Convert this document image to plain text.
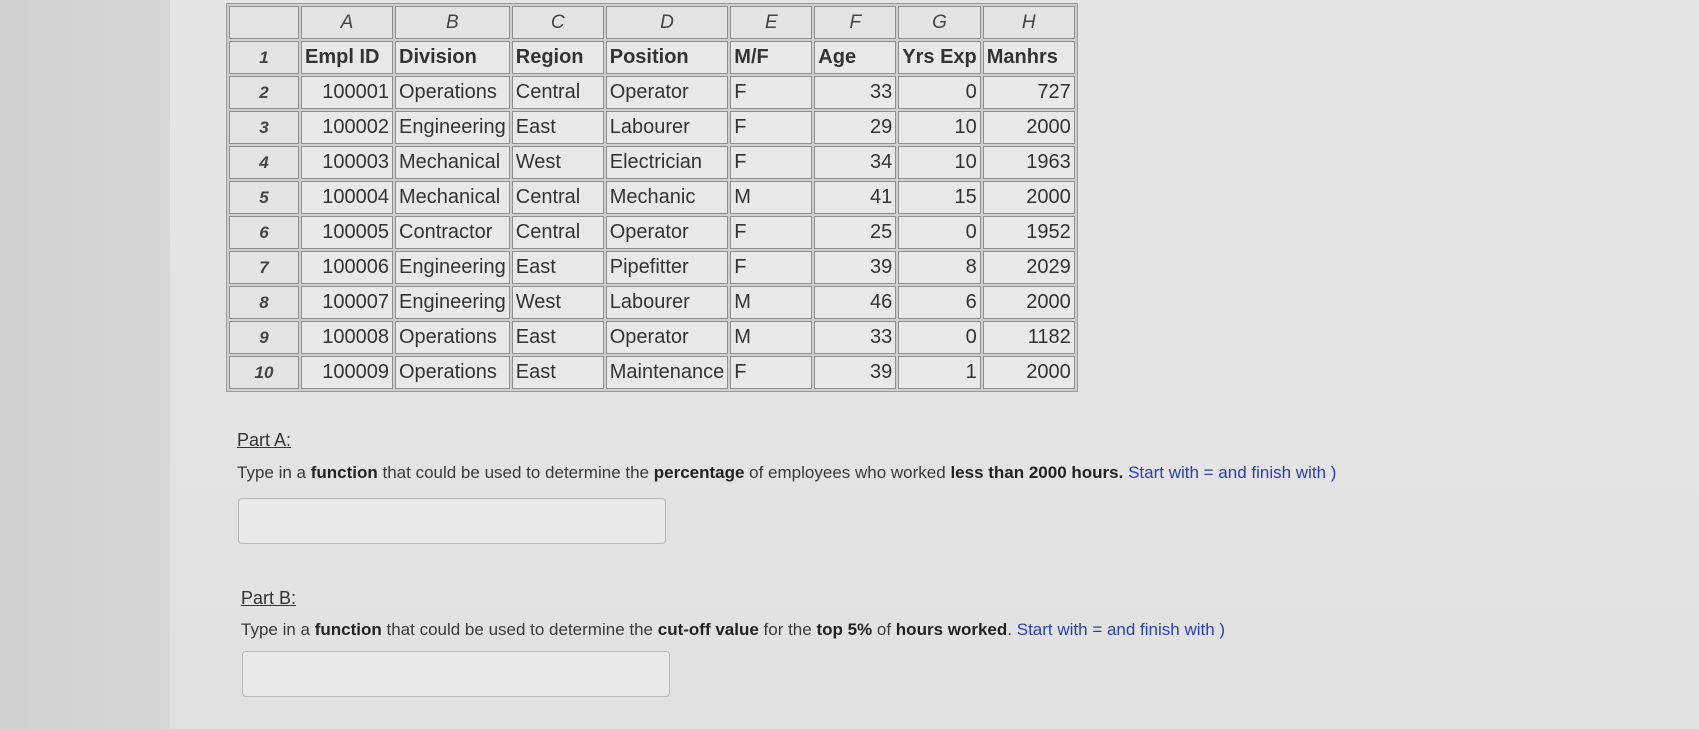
	A	B	C	D	E	F	G	H
1	Empl ID	Division	Region	Position	M/F	Age	Yrs Exp	Manhrs
2	100001	Operations	Central	Operator	F	33	0	727
3	100002	Engineering	East	Labourer	F	29	10	2000
4	100003	Mechanical	West	Electrician	F	34	10	1963
5	100004	Mechanical	Central	Mechanic	M	41	15	2000
6	100005	Contractor	Central	Operator	F	25	0	1952
7	100006	Engineering	East	Pipefitter	F	39	8	2029
8	100007	Engineering	West	Labourer	M	46	6	2000
9	100008	Operations	East	Operator	M	33	0	1182
10	100009	Operations	East	Maintenance	F	39	1	2000
Part A:
Type in a function that could be used to determine the percentage of employees who worked less than 2000 hours. Start with = and finish with )
Part B:
Type in a function that could be used to determine the cut-off value for the top 5% of hours worked. Start with = and finish with )
